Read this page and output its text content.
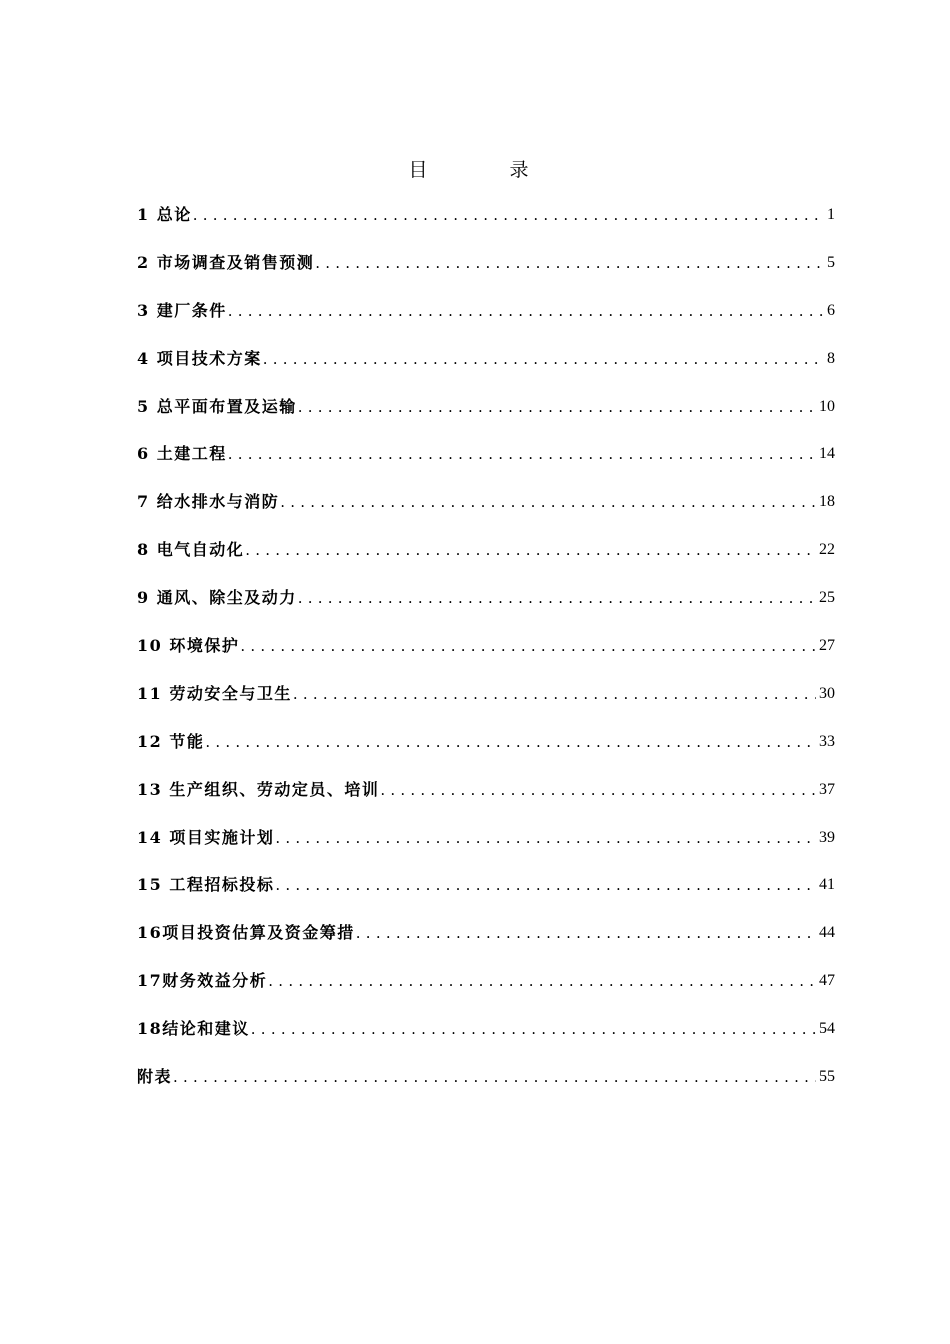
目 录
1 总论 .....	1
2 市场调查及销售预测 .....	5
3 建厂条件 .....	6
4 项目技术方案 .....	8
5 总平面布置及运输 .....	10
6 土建工程 .....	14
7 给水排水与消防 .....	18
8 电气自动化 .....	22
9 通风、除尘及动力 .....	25
10 环境保护 .....	27
11 劳动安全与卫生 .....	30
12 节能 .....	33
13 生产组织、劳动定员、培训 .....	37
14 项目实施计划 .....	39
15 工程招标投标 .....	41
16项目投资估算及资金筹措 .....	44
17财务效益分析 .....	47
18结论和建议 .....	54
附表 .....	55
